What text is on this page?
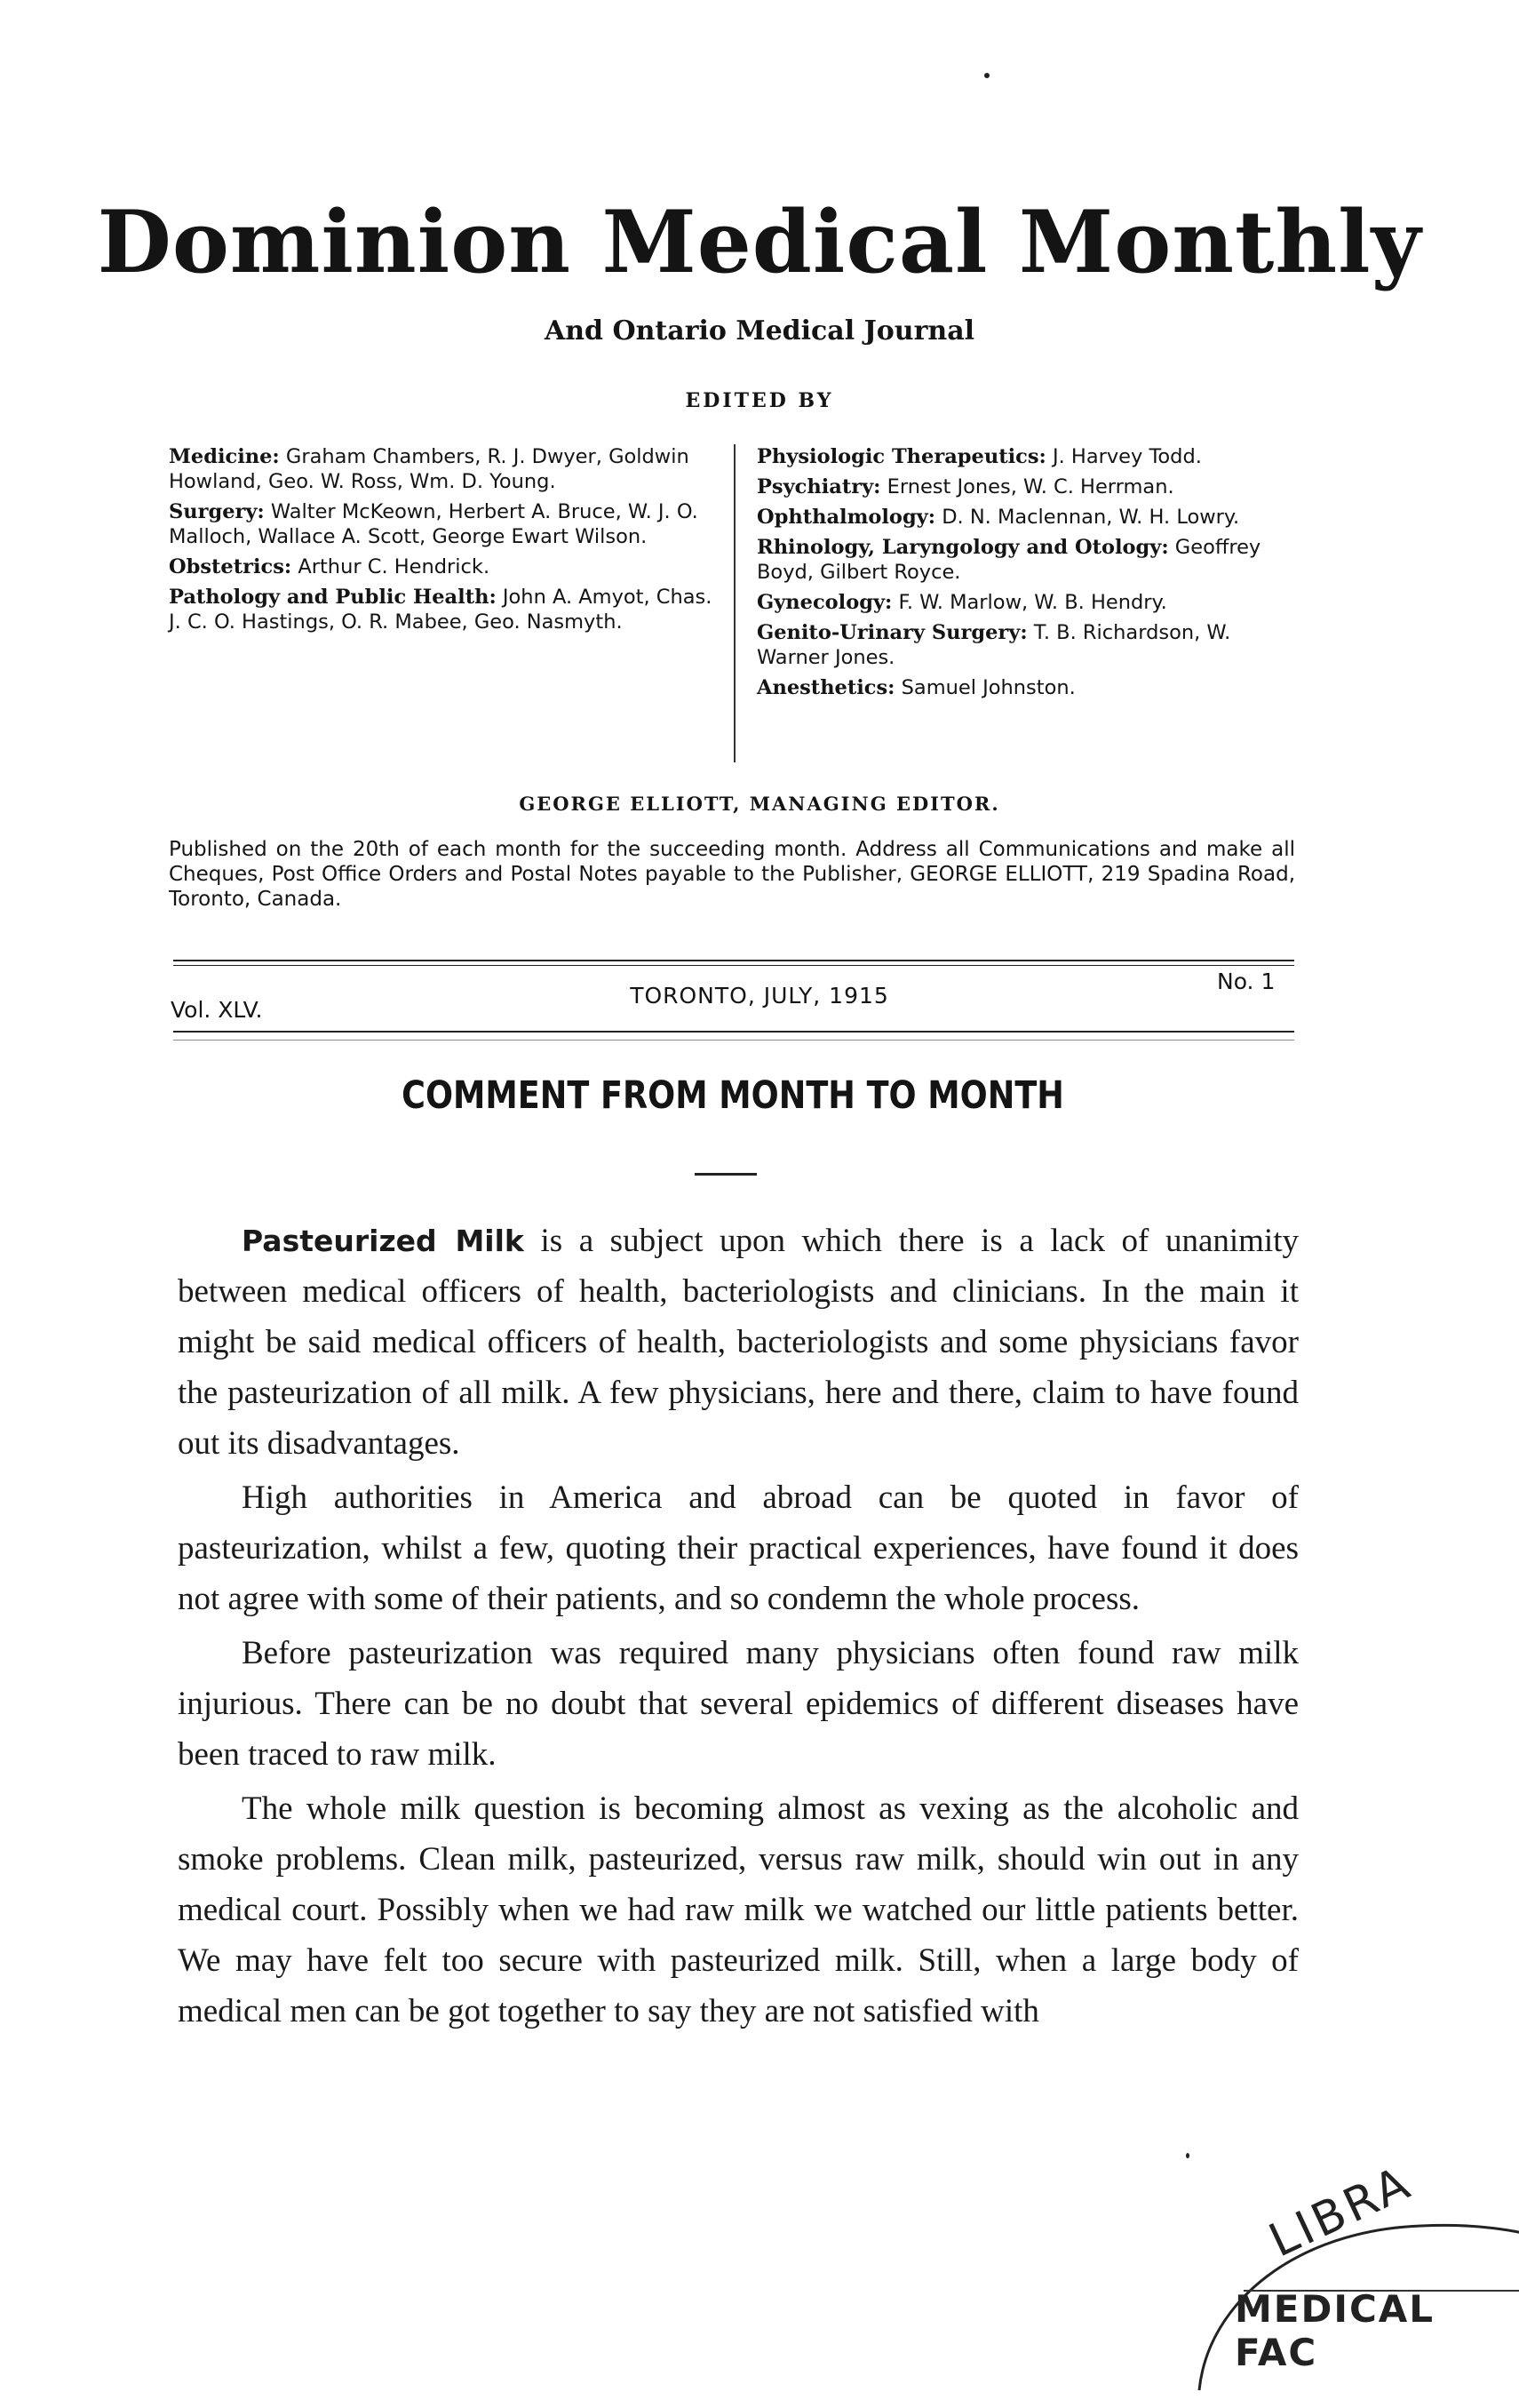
Dominion Medical Monthly
And Ontario Medical Journal
EDITED BY
Medicine: Graham Chambers, R. J. Dwyer, Goldwin Howland, Geo. W. Ross, Wm. D. Young.
Surgery: Walter McKeown, Herbert A. Bruce, W. J. O. Malloch, Wallace A. Scott, George Ewart Wilson.
Obstetrics: Arthur C. Hendrick.
Pathology and Public Health: John A. Amyot, Chas. J. C. O. Hastings, O. R. Mabee, Geo. Nasmyth.
Physiologic Therapeutics: J. Harvey Todd.
Psychiatry: Ernest Jones, W. C. Herrman.
Ophthalmology: D. N. Maclennan, W. H. Lowry.
Rhinology, Laryngology and Otology: Geoffrey Boyd, Gilbert Royce.
Gynecology: F. W. Marlow, W. B. Hendry.
Genito-Urinary Surgery: T. B. Richardson, W. Warner Jones.
Anesthetics: Samuel Johnston.
GEORGE ELLIOTT, MANAGING EDITOR.
Published on the 20th of each month for the succeeding month. Address all Communications and make all Cheques, Post Office Orders and Postal Notes payable to the Publisher, GEORGE ELLIOTT, 219 Spadina Road, Toronto, Canada.
Vol. XLV.
TORONTO, JULY, 1915
No. 1
COMMENT FROM MONTH TO MONTH

Pasteurized Milk is a subject upon which there is a lack of unanimity between medical officers of health, bacteriologists and clinicians. In the main it might be said medical officers of health, bacteriologists and some physicians favor the pasteurization of all milk. A few physicians, here and there, claim to have found out its disadvantages.

High authorities in America and abroad can be quoted in favor of pasteurization, whilst a few, quoting their practical experiences, have found it does not agree with some of their patients, and so condemn the whole process.

Before pasteurization was required many physicians often found raw milk injurious. There can be no doubt that several epidemics of different diseases have been traced to raw milk.

The whole milk question is becoming almost as vexing as the alcoholic and smoke problems. Clean milk, pasteurized, versus raw milk, should win out in any medical court. Possibly when we had raw milk we watched our little patients better. We may have felt too secure with pasteurized milk. Still, when a large body of medical men can be got together to say they are not satisfied with

LIBRA
MEDICAL FAC
